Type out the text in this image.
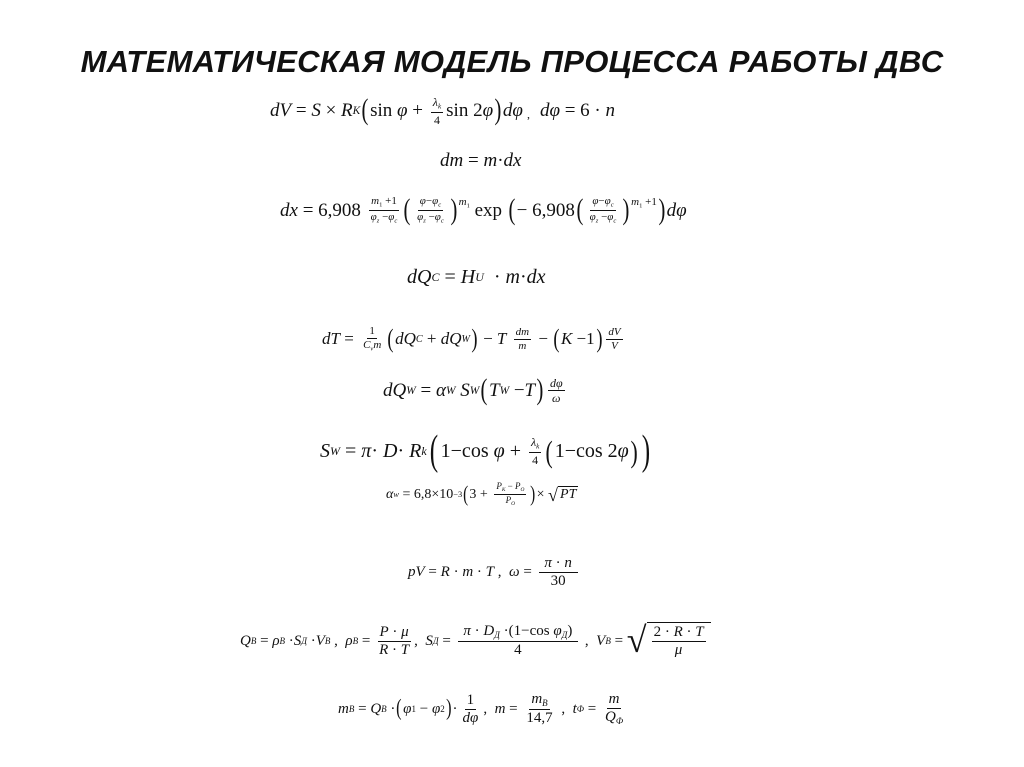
МАТЕМАТИЧЕСКАЯ МОДЕЛЬ ПРОЦЕССА РАБОТЫ ДВС
dV = S × R K ( $\sin \varphi + \frac{\lambda_k}{4}$ sin 2 φ ) dφ , dφ = 6 · n
dm = m · dx
dx = $6,908 \frac{m_1 +1}{\varphi_z -\varphi_c}$ ( $\frac{\varphi-\varphi_c}{\varphi_z -\varphi_c}$ ) $^{m_1}$ exp ( − 6,908 ( $\frac{\varphi-\varphi_c}{\varphi_z -\varphi_c}$ ) $^{m_1 +1}$ ) dφ
dQ C = H U · m · dx
dT = $\frac{1}{C_vm}$ ( dQ C + dQ W ) − T
$\frac{dm}{m}$ − ( K −1 ) $\frac{dV}{V}$
dQ W = α W
S W ( T W − T ) $\frac{d\varphi}{\omega}$
S W = π · D · R k ( 1−cos $\varphi + \frac{\lambda_k}{4}$ ( 1−cos 2 φ ) )
α w = 6,8×10 −3 ( $3 + \frac{P_K - P_O}{P_O}$ ) × √ PT
pV = R · m · T , $\omega = \frac{\pi \cdot n}{30}$
Q B = ρ B · S Д · V B , ρ $B = \frac{P \cdot \mu}{R \cdot T}$ , S $Д = \frac{\pi \cdot D_Д \cdot(1-\cos \varphi_Д)}{4}$ , V B = √ $\frac{2 \cdot R \cdot T}{\mu}$
m B = Q B · ( φ 1 − φ 2 ) · $\frac{1}{d\varphi}$ , $m = \frac{m_B}{14,7}$ , t $Ф = \frac{m}{Q_Ф}$
